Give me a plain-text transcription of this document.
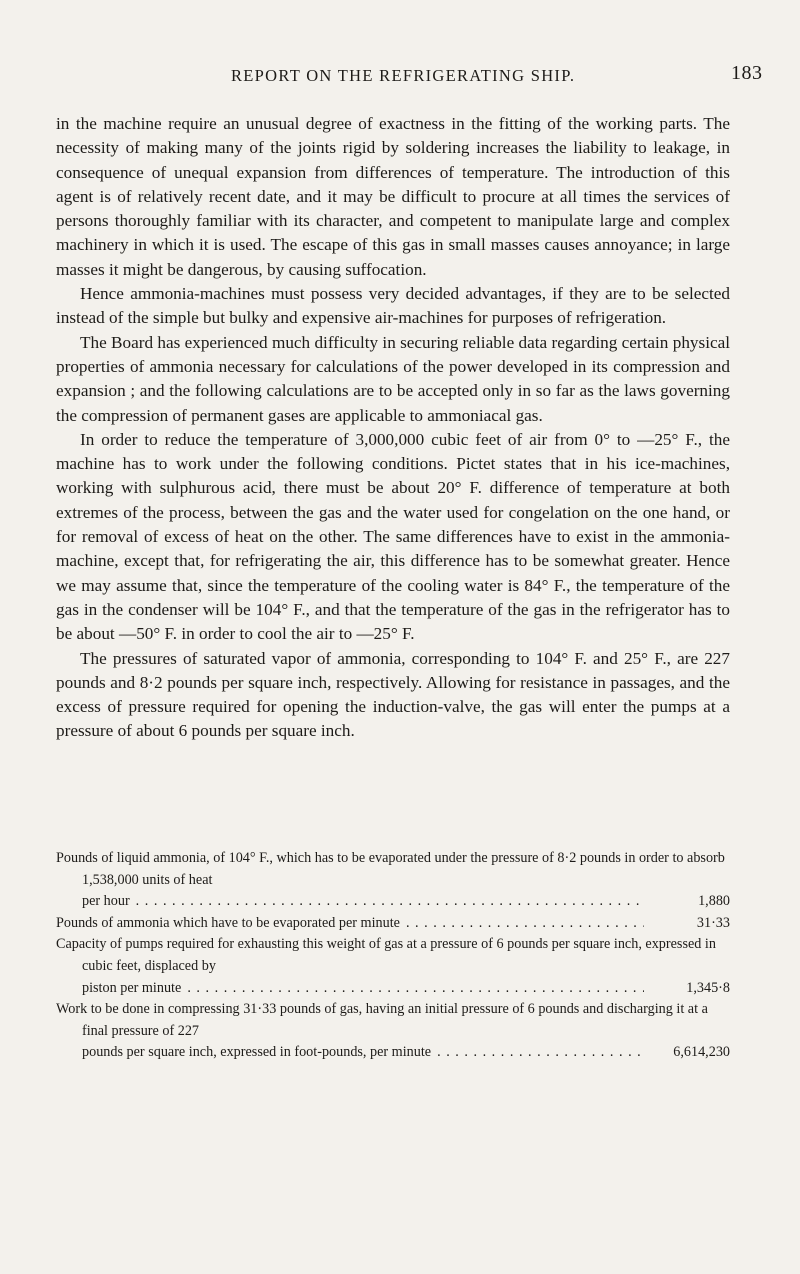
REPORT ON THE REFRIGERATING SHIP.	183

in the machine require an unusual degree of exactness in the fitting of the working parts. The necessity of making many of the joints rigid by soldering increases the liability to leakage, in consequence of unequal expansion from differences of temperature. The introduction of this agent is of relatively recent date, and it may be difficult to procure at all times the services of persons thoroughly familiar with its character, and competent to manipulate large and complex machinery in which it is used. The escape of this gas in small masses causes annoyance; in large masses it might be dangerous, by causing suffocation.

Hence ammonia-machines must possess very decided advantages, if they are to be selected instead of the simple but bulky and expensive air-machines for purposes of refrigeration.

The Board has experienced much difficulty in securing reliable data regarding certain physical properties of ammonia necessary for calculations of the power developed in its compression and expansion ; and the following calculations are to be accepted only in so far as the laws governing the compression of permanent gases are applicable to ammoniacal gas.

In order to reduce the temperature of 3,000,000 cubic feet of air from 0° to —25° F., the machine has to work under the following conditions. Pictet states that in his ice-machines, working with sulphurous acid, there must be about 20° F. difference of temperature at both extremes of the process, between the gas and the water used for congelation on the one hand, or for removal of excess of heat on the other. The same differences have to exist in the ammonia-machine, except that, for refrigerating the air, this difference has to be somewhat greater. Hence we may assume that, since the temperature of the cooling water is 84° F., the temperature of the gas in the condenser will be 104° F., and that the temperature of the gas in the refrigerator has to be about —50° F. in order to cool the air to —25° F.

The pressures of saturated vapor of ammonia, corresponding to 104° F. and 25° F., are 227 pounds and 8·2 pounds per square inch, respectively. Allowing for resistance in passages, and the excess of pressure required for opening the induction-valve, the gas will enter the pumps at a pressure of about 6 pounds per square inch.

Pounds of liquid ammonia, of 104° F., which has to be evaporated under the pressure of 8·2 pounds in order to absorb 1,538,000 units of heat
per hour . . .	1,880
Pounds of ammonia which have to be evaporated per minute . . .	31·33
Capacity of pumps required for exhausting this weight of gas at a pressure of 6 pounds per square inch, expressed in cubic feet, displaced by
piston per minute . . .	1,345·8
Work to be done in compressing 31·33 pounds of gas, having an initial pressure of 6 pounds and discharging it at a final pressure of 227
pounds per square inch, expressed in foot-pounds, per minute . . .	6,614,230
